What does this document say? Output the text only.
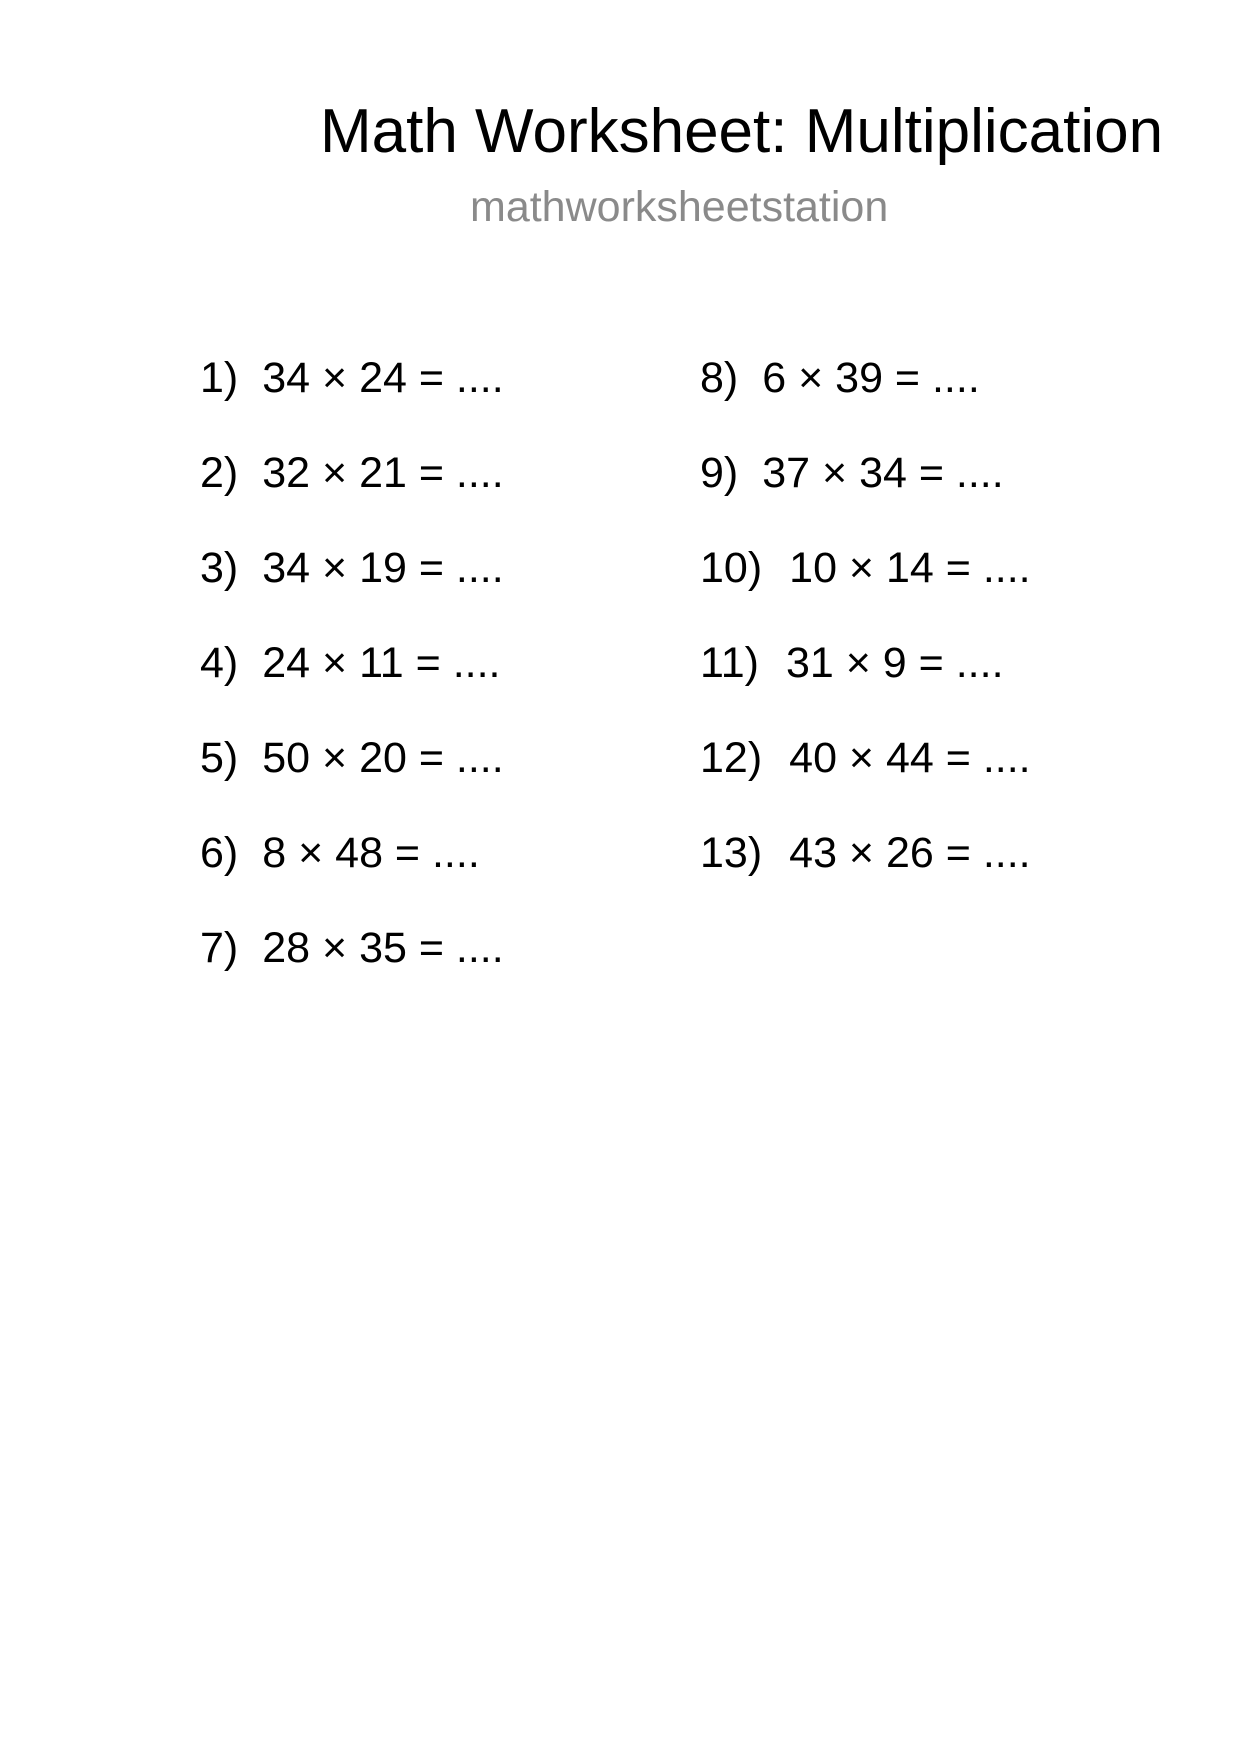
Math Worksheet: Multiplication
mathworksheetstation
1) 34 × 24 = ....
2) 32 × 21 = ....
3) 34 × 19 = ....
4) 24 × 11 = ....
5) 50 × 20 = ....
6) 8 × 48 = ....
7) 28 × 35 = ....
8) 6 × 39 = ....
9) 37 × 34 = ....
10) 10 × 14 = ....
11) 31 × 9 = ....
12) 40 × 44 = ....
13) 43 × 26 = ....
